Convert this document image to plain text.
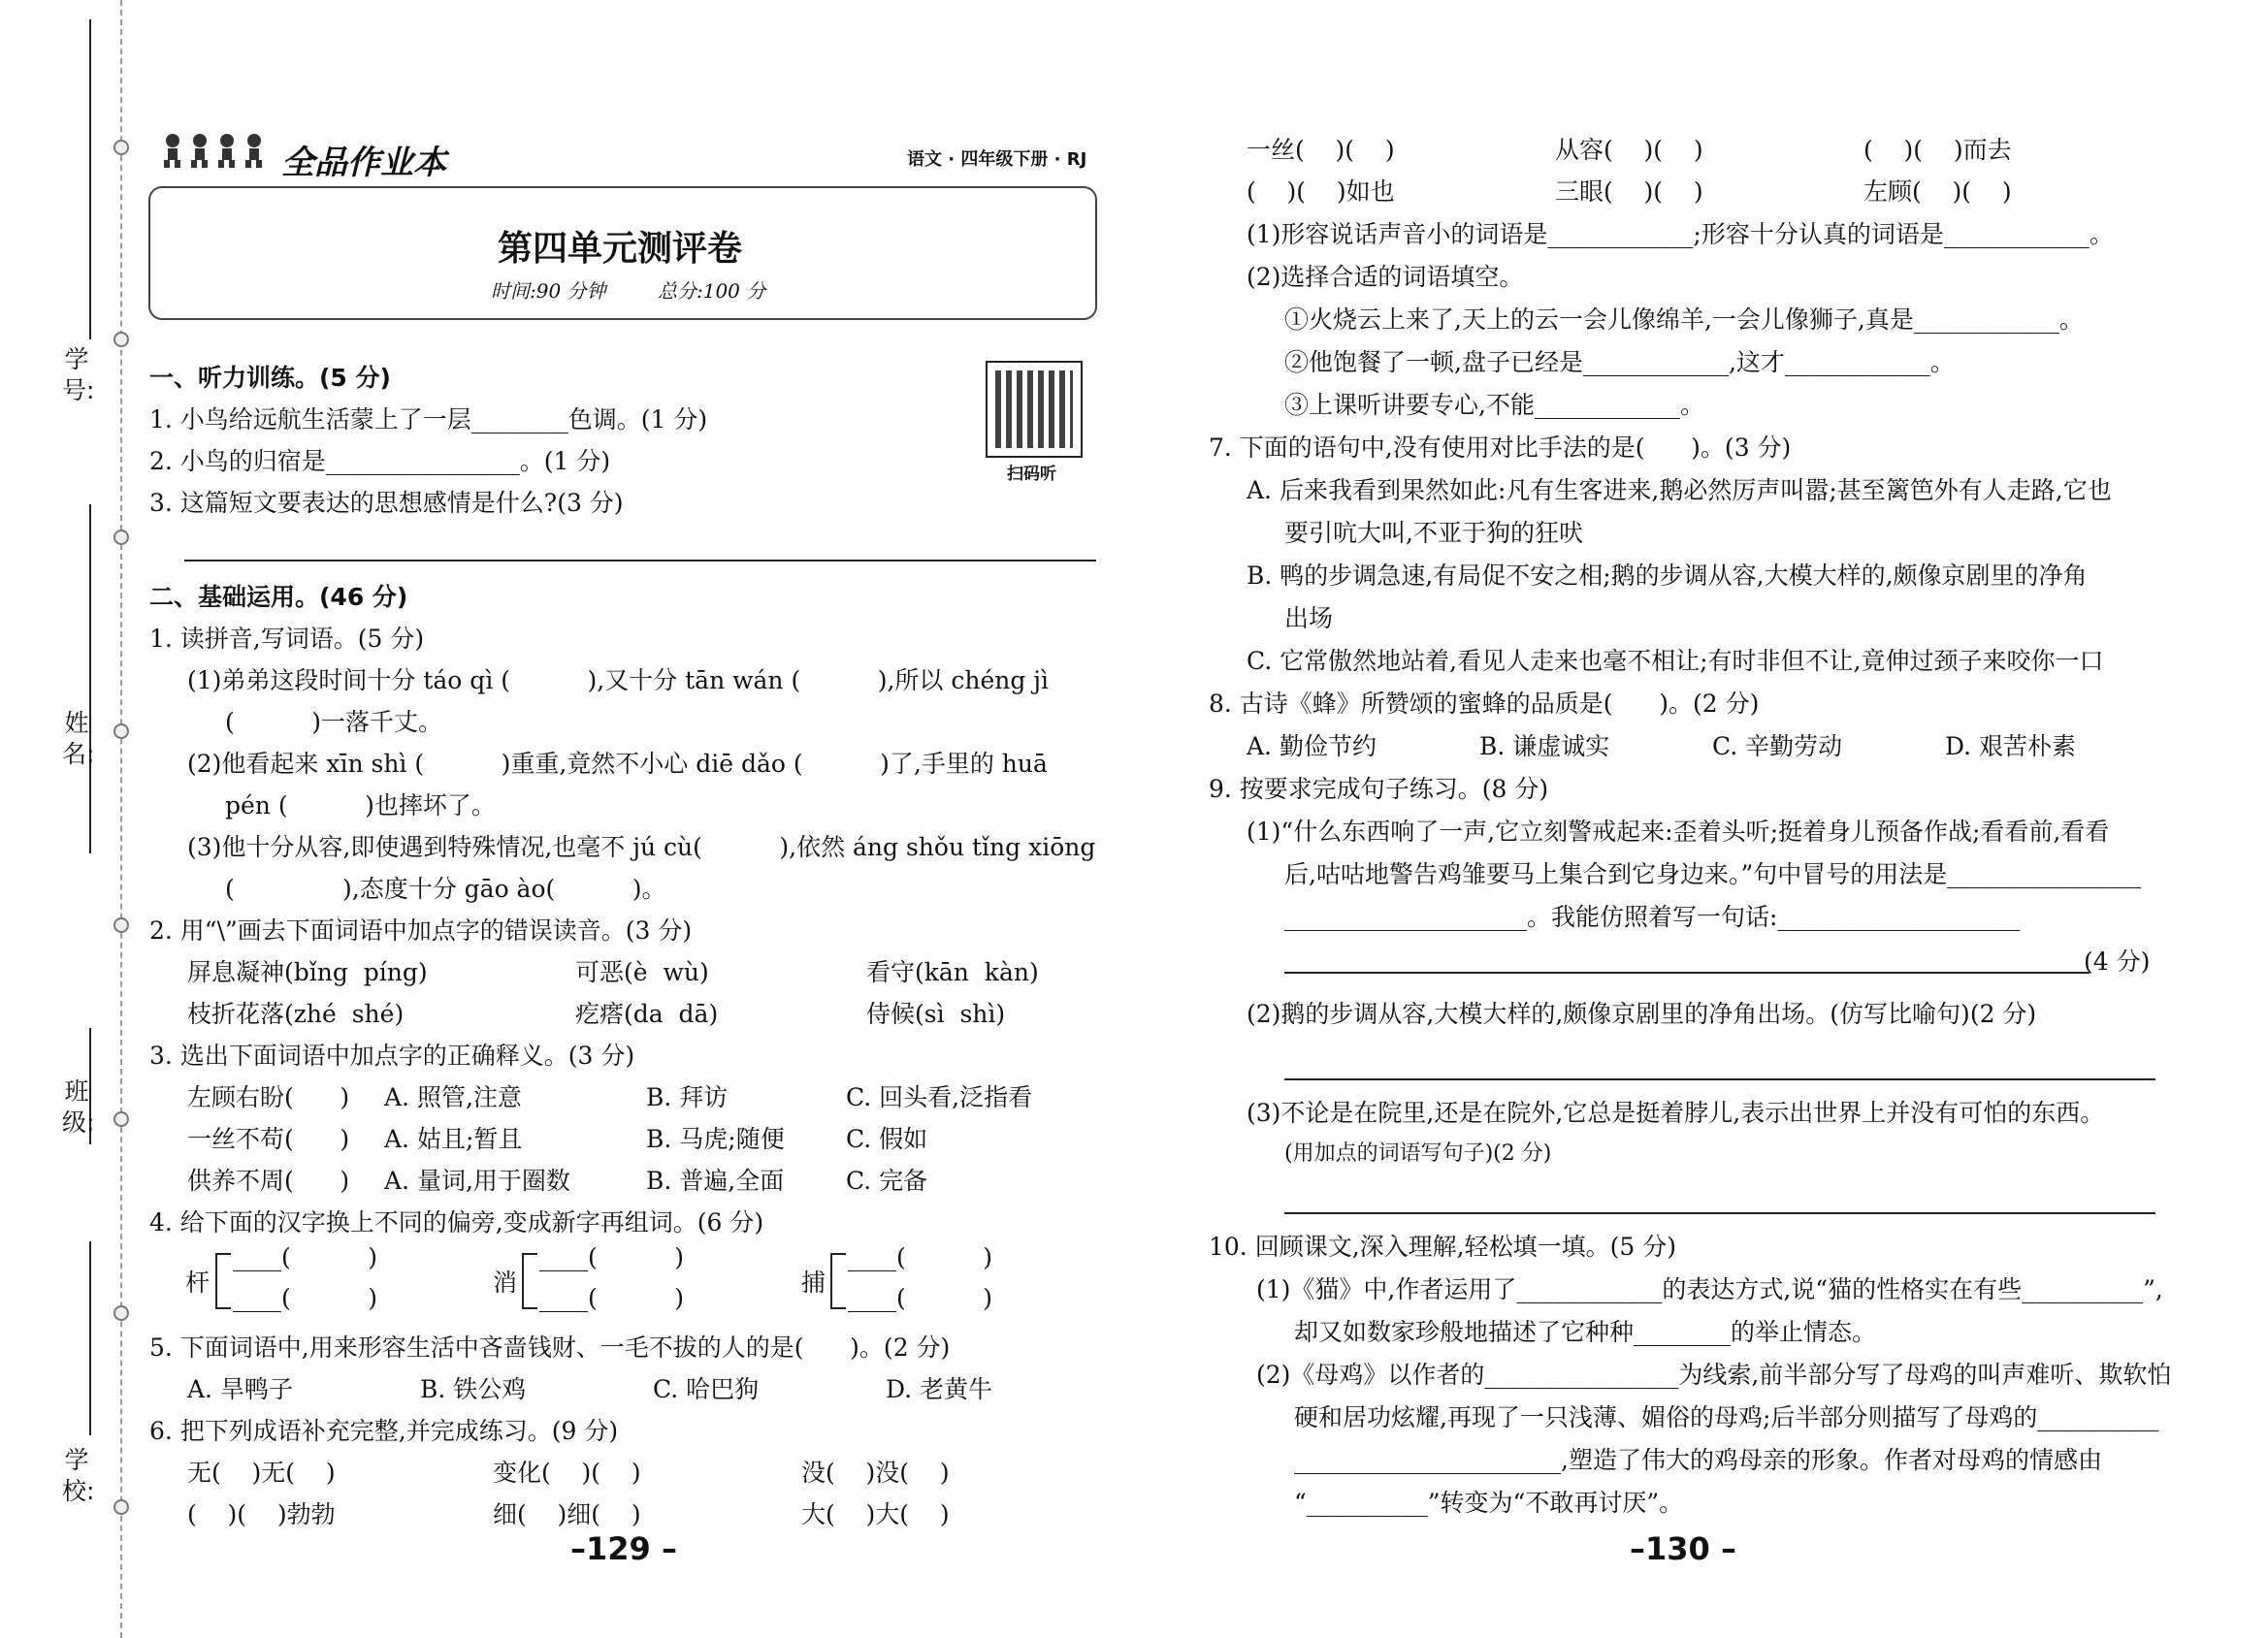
学号:
姓名:
班级:
学校:
全品作业本	语文 · 四年级下册 · RJ
第四单元测评卷
时间:90 分钟	总分:100 分
扫码听
一、听力训练。(5 分)
1. 小鸟给远航生活蒙上了一层________色调。(1 分)
2. 小鸟的归宿是________________。(1 分)
3. 这篇短文要表达的思想感情是什么?(3 分)
二、基础运用。(46 分)
1. 读拼音,写词语。(5 分)
(1)弟弟这段时间十分 táo qì (          ),又十分 tān wán (          ),所以 chéng jì
(          )一落千丈。
(2)他看起来 xīn shì (          )重重,竟然不小心 diē dǎo (          )了,手里的 huā
pén (          )也摔坏了。
(3)他十分从容,即使遇到特殊情况,也毫不 jú cù(          ),依然 áng shǒu tǐng xiōng
(              ),态度十分 gāo ào(          )。
2. 用“\”画去下面词语中加点字的错误读音。(3 分)
屏息凝神(bǐng  píng)	可恶(è  wù)	看守(kān  kàn)
枝折花落(zhé  shé)	疙瘩(da  dā)	侍候(sì  shì)
3. 选出下面词语中加点字的正确释义。(3 分)
左顾右盼(      ) A. 照管,注意	B. 拜访	C. 回头看,泛指看
一丝不苟(      ) A. 姑且;暂且	B. 马虎;随便	C. 假如
供养不周(      ) A. 量词,用于圈数	B. 普遍,全面	C. 完备
4. 给下面的汉字换上不同的偏旁,变成新字再组词。(6 分)
杆
____(          )
____(          )
消
____(          )
____(          )
捕
____(          )
____(          )
5. 下面词语中,用来形容生活中吝啬钱财、一毛不拔的人的是(      )。(2 分)
A. 旱鸭子	B. 铁公鸡	C. 哈巴狗	D. 老黄牛
6. 把下列成语补充完整,并完成练习。(9 分)
无(    )无(    )	变化(    )(    )	没(    )没(    )
(    )(    )勃勃	细(    )细(    )	大(    )大(    )
–129 –
一丝(    )(    )	从容(    )(    )	(    )(    )而去
(    )(    )如也	三眼(    )(    )	左顾(    )(    )
(1)形容说话声音小的词语是____________;形容十分认真的词语是____________。
(2)选择合适的词语填空。
①火烧云上来了,天上的云一会儿像绵羊,一会儿像狮子,真是____________。
②他饱餐了一顿,盘子已经是____________,这才____________。
③上课听讲要专心,不能____________。
7. 下面的语句中,没有使用对比手法的是(      )。(3 分)
A. 后来我看到果然如此:凡有生客进来,鹅必然厉声叫嚣;甚至篱笆外有人走路,它也
要引吭大叫,不亚于狗的狂吠
B. 鸭的步调急速,有局促不安之相;鹅的步调从容,大模大样的,颇像京剧里的净角
出场
C. 它常傲然地站着,看见人走来也毫不相让;有时非但不让,竟伸过颈子来咬你一口
8. 古诗《蜂》所赞颂的蜜蜂的品质是(      )。(2 分)
A. 勤俭节约	B. 谦虚诚实	C. 辛勤劳动	D. 艰苦朴素
9. 按要求完成句子练习。(8 分)
(1)“什么东西响了一声,它立刻警戒起来:歪着头听;挺着身儿预备作战;看看前,看看
后,咕咕地警告鸡雏要马上集合到它身边来。”句中冒号的用法是________________
____________________。我能仿照着写一句话:____________________
(4 分)
(2)鹅的步调从容,大模大样的,颇像京剧里的净角出场。(仿写比喻句)(2 分)
(3)不论是在院里,还是在院外,它总是挺着脖儿,表示出世界上并没有可怕的东西。
(用加点的词语写句子)(2 分)
10. 回顾课文,深入理解,轻松填一填。(5 分)
(1)《猫》中,作者运用了____________的表达方式,说“猫的性格实在有些__________”,
却又如数家珍般地描述了它种种________的举止情态。
(2)《母鸡》以作者的________________为线索,前半部分写了母鸡的叫声难听、欺软怕
硬和居功炫耀,再现了一只浅薄、媚俗的母鸡;后半部分则描写了母鸡的__________
______________________,塑造了伟大的鸡母亲的形象。作者对母鸡的情感由
“__________”转变为“不敢再讨厌”。
–130 –
